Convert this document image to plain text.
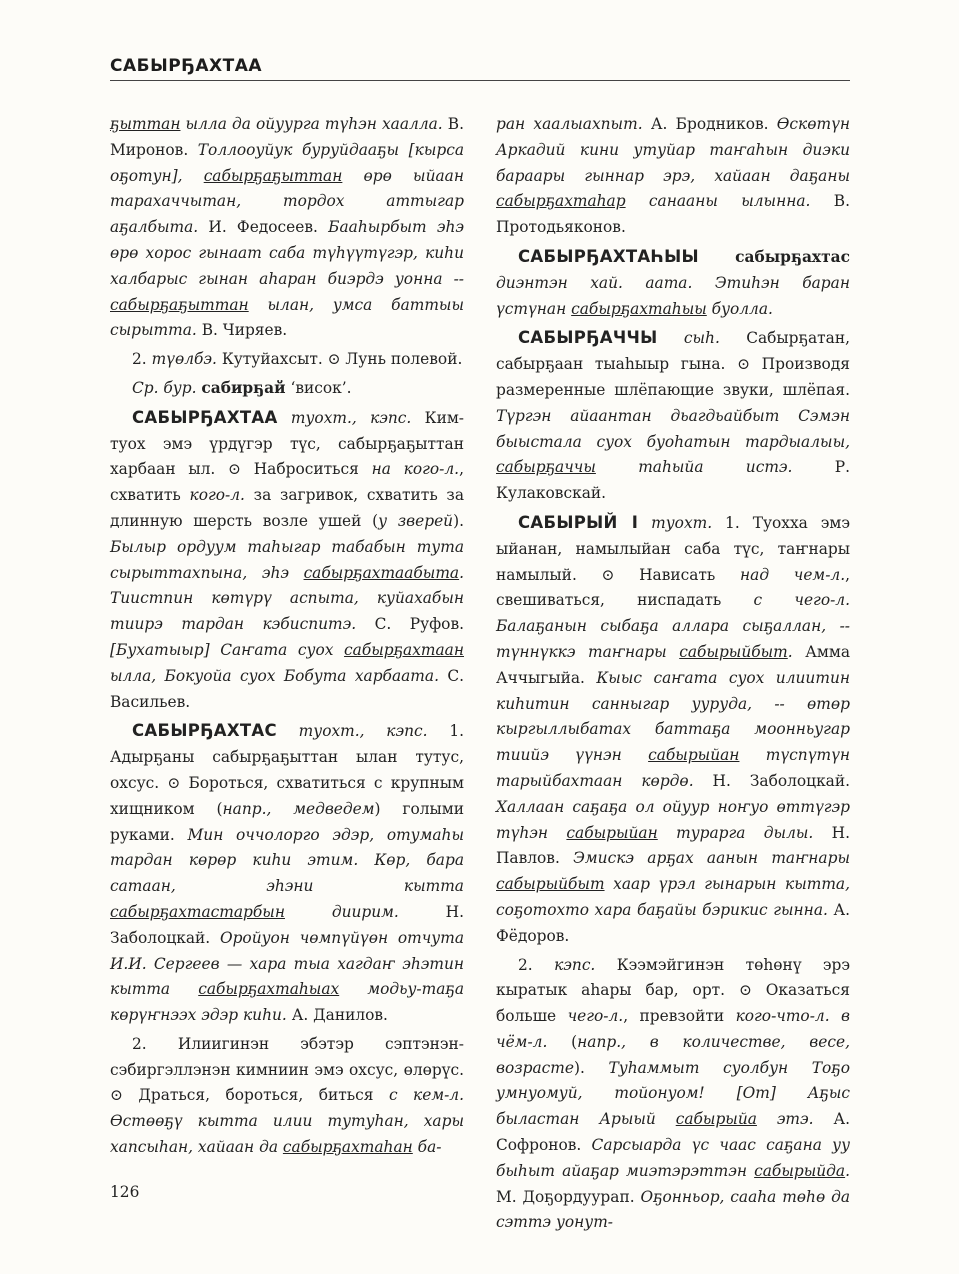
САБЫРҔАХТАА

ҕыттан ылла да ойуурга түһэн хаалла. В. Миронов. Толлооуйук буруйдааҕы [кырса оҕотун], сабырҕаҕыттан өрө ыйаан тарахаччытан, тордох аттыгар аҕалбыта. И. Федосеев. Бааһырбыт эһэ өрө хорос гынаат саба түһүүтүгэр, киһи халбарыс гынан аһаран биэрдэ уонна -- сабырҕаҕыттан ылан, умса баттыы сырытта. В. Чиряев.

2. түөлбэ. Кутуйахсыт. ⊙ Лунь полевой.

Ср. бур. сабирҕай ‘висок’.

САБЫРҔАХТАА туохт., кэпс. Ким-туох эмэ үрдүгэр түс, сабырҕаҕыттан харбаан ыл. ⊙ Наброситься на кого-л., схватить кого-л. за загривок, схватить за длинную шерсть возле ушей (у зверей). Былыр ордуум таһыгар табабын тута сырыттахпына, эһэ сабырҕахтаабыта. Тиистпин көтүрү аспыта, куйахабын тиирэ тардан кэбиспитэ. С. Руфов. [Бухатыыр] Саҥата суох сабырҕахтаан ылла, Бокуойа суох Бобута харбаата. С. Васильев.

САБЫРҔАХТАС туохт., кэпс. 1. Адырҕаны сабырҕаҕыттан ылан тутус, охсус. ⊙ Бороться, схватиться с крупным хищником (напр., медведем) голыми руками. Мин оччолорго эдэр, отумаһы тардан көрөр киһи этим. Көр, бара сатаан, эһэни кытта сабырҕахтастарбын диирим. Н. Заболоцкай. Оройуон чөмпүйүөн отчута И.И. Сергеев — хара тыа хагдаҥ эһэтин кытта сабырҕахтаһыах модьу-таҕа көрүҥнээх эдэр киһи. А. Данилов.

2. Илиигинэн эбэтэр сэптэнэн-сэбиргэллэнэн кимниин эмэ охсус, өлөрүс. ⊙ Драться, бороться, биться с кем-л. Өстөөҕү кытта илии тутуһан, хары хапсыһан, хайаан да сабырҕахтаһан ба-

ран хаалыахпыт. А. Бродников. Өскөтүн Аркадий кини утуйар таҥаһын диэки бараары гыннар эрэ, хайаан даҕаны сабырҕахтаһар санааны ылынна. В. Протодьяконов.

САБЫРҔАХТАҺЫЫ сабырҕахтас диэнтэн хай. аата. Этиһэн баран үстүнан сабырҕахтаһыы буолла.

САБЫРҔАЧЧЫ сыһ. Сабырҕатан, сабырҕаан тыаһыыр гына. ⊙ Производя размеренные шлёпающие звуки, шлёпая. Түргэн айаантан дьагдьайбыт Сэмэн быыстала суох буоһатын тардыалыы, сабырҕаччы таһыйа истэ. Р. Кулаковскай.

САБЫРЫЙ I туохт. 1. Туохха эмэ ыйанан, намылыйан саба түс, таҥнары намылый. ⊙ Нависать над чем-л., свешиваться, ниспадать с чего-л. Балаҕанын сыбаҕа аллара сыҕаллан, -- түннүккэ таҥнары сабырыйбыт. Амма Аччыгыйа. Кыыс саҥата суох илиитин киһитин санныгар ууруда, -- өтөр кыргыллыбатах баттаҕа моонньугар тиийэ үүнэн сабырыйан түспүтүн тарыйбахтаан көрдө. Н. Заболоцкай. Халлаан саҕаҕа ол ойуур ноҥуо өттүгэр түһэн сабырыйан турарга дылы. Н. Павлов. Эмискэ арҕах аанын таҥнары сабырыйбыт хаар үрэл гынарын кытта, соҕотохто хара баҕайы бэрикис гынна. А. Фёдоров.

2. кэпс. Кээмэйгинэн төһөнү эрэ кыратык аһары бар, орт. ⊙ Оказаться больше чего-л., превзойти кого-что-л. в чём-л. (напр., в количестве, весе, возрасте). Туһаммыт суолбун Тоҕо умнуомуй, тойонуом! [От] Аҕыс быластан Арыый сабырыйа этэ. А. Софронов. Сарсыарда үс чаас саҕана уу быһыт айаҕар миэтэрэттэн сабырыйда. М. Доҕордуурап. Оҕонньор, сааһа төһө да сэттэ уонут-

126
